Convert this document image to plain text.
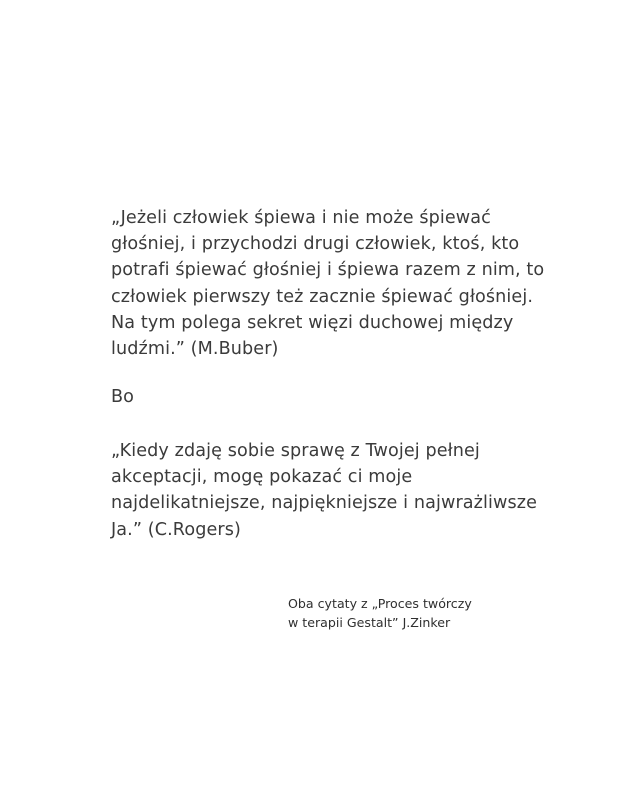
„Jeżeli człowiek śpiewa i nie może śpiewać
głośniej, i przychodzi drugi człowiek, ktoś, kto
potrafi śpiewać głośniej i śpiewa razem z nim, to
człowiek pierwszy też zacznie śpiewać głośniej.
Na tym polega sekret więzi duchowej między
ludźmi.” (M.Buber)
Bo
„Kiedy zdaję sobie sprawę z Twojej pełnej
akceptacji, mogę pokazać ci moje
najdelikatniejsze, najpiękniejsze i najwrażliwsze
Ja.” (C.Rogers)
Oba cytaty z „Proces twórczy
w terapii Gestalt” J.Zinker
